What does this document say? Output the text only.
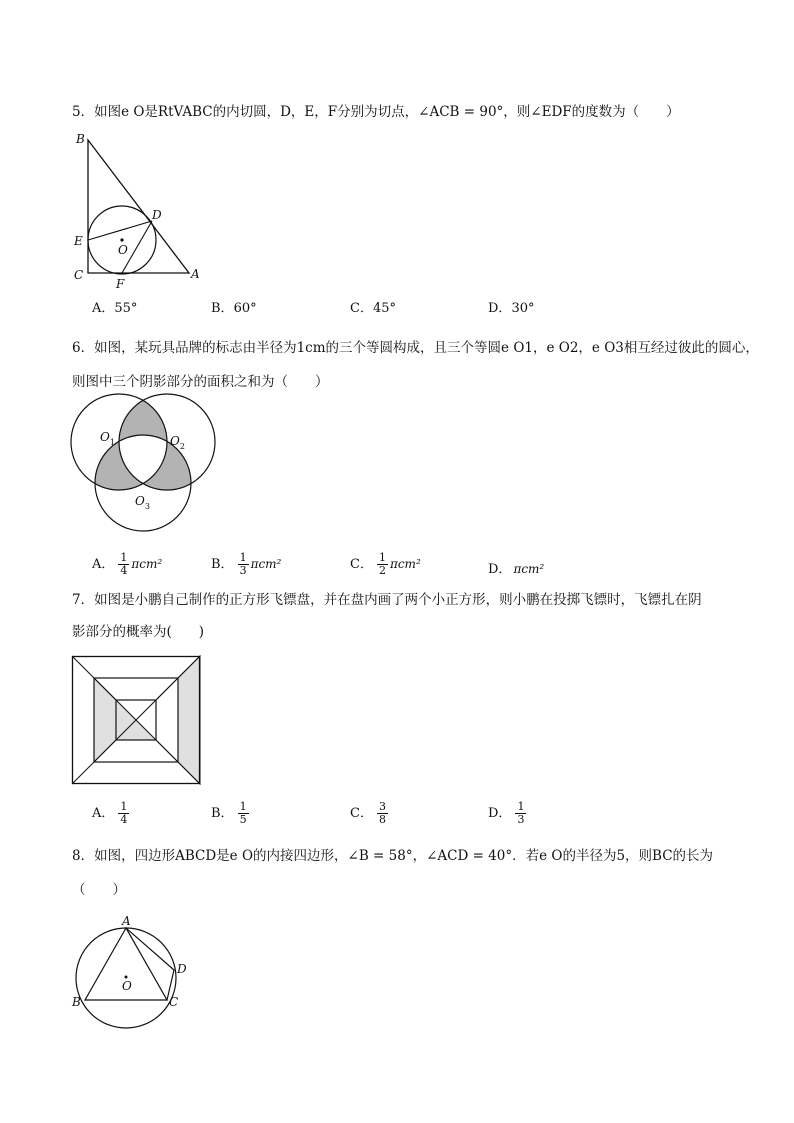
5．如图e O是RtVABC的内切圆，D，E，F分别为切点，∠ACB = 90°，则∠EDF的度数为（　　）
B
D
E
O
C
F
A
A．55°	B．60°	C．45°	D．30°
6．如图，某玩具品牌的标志由半径为1cm的三个等圆构成，且三个等圆e O1，e O2，e O3相互经过彼此的圆心，
则图中三个阴影部分的面积之和为（　　）
$O_1$	$O_2$
$O_3$
A． $\frac{1}{4} \pi cm^2$	B． $\frac{1}{3} \pi cm^2$	C． $\frac{1}{2} \pi cm^2$	D． πcm²
7．如图是小鹏自己制作的正方形飞镖盘，并在盘内画了两个小正方形，则小鹏在投掷飞镖时，飞镖扎在阴
影部分的概率为(　　)
A． $\frac{1}{4}$	B． $\frac{1}{5}$	C． $\frac{3}{8}$	D． $\frac{1}{3}$
8．如图，四边形ABCD是e O的内接四边形，∠B = 58°，∠ACD = 40°．若e O的半径为5，则BC的长为
（　　）
A
B	C
D
O
